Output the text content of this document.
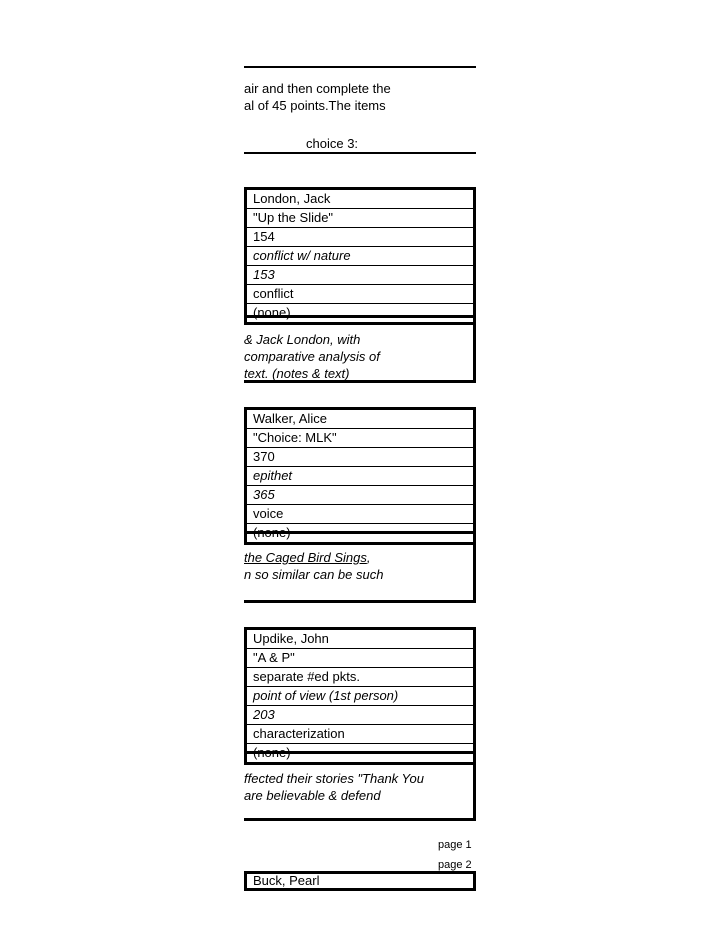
air and then complete the
al of 45 points.The items
choice 3:
London, Jack
"Up the Slide"
154
conflict w/ nature
153
conflict
(none)
& Jack London, with
comparative analysis of
text. (notes & text)
Walker, Alice
"Choice: MLK"
370
epithet
365
voice
(none)
the Caged Bird Sings,
n so similar can be such
Updike, John
"A & P"
separate #ed pkts.
point of view (1st person)
203
characterization
(none)
ffected their stories "Thank You
are believable & defend
page 1
page 2
Buck, Pearl
